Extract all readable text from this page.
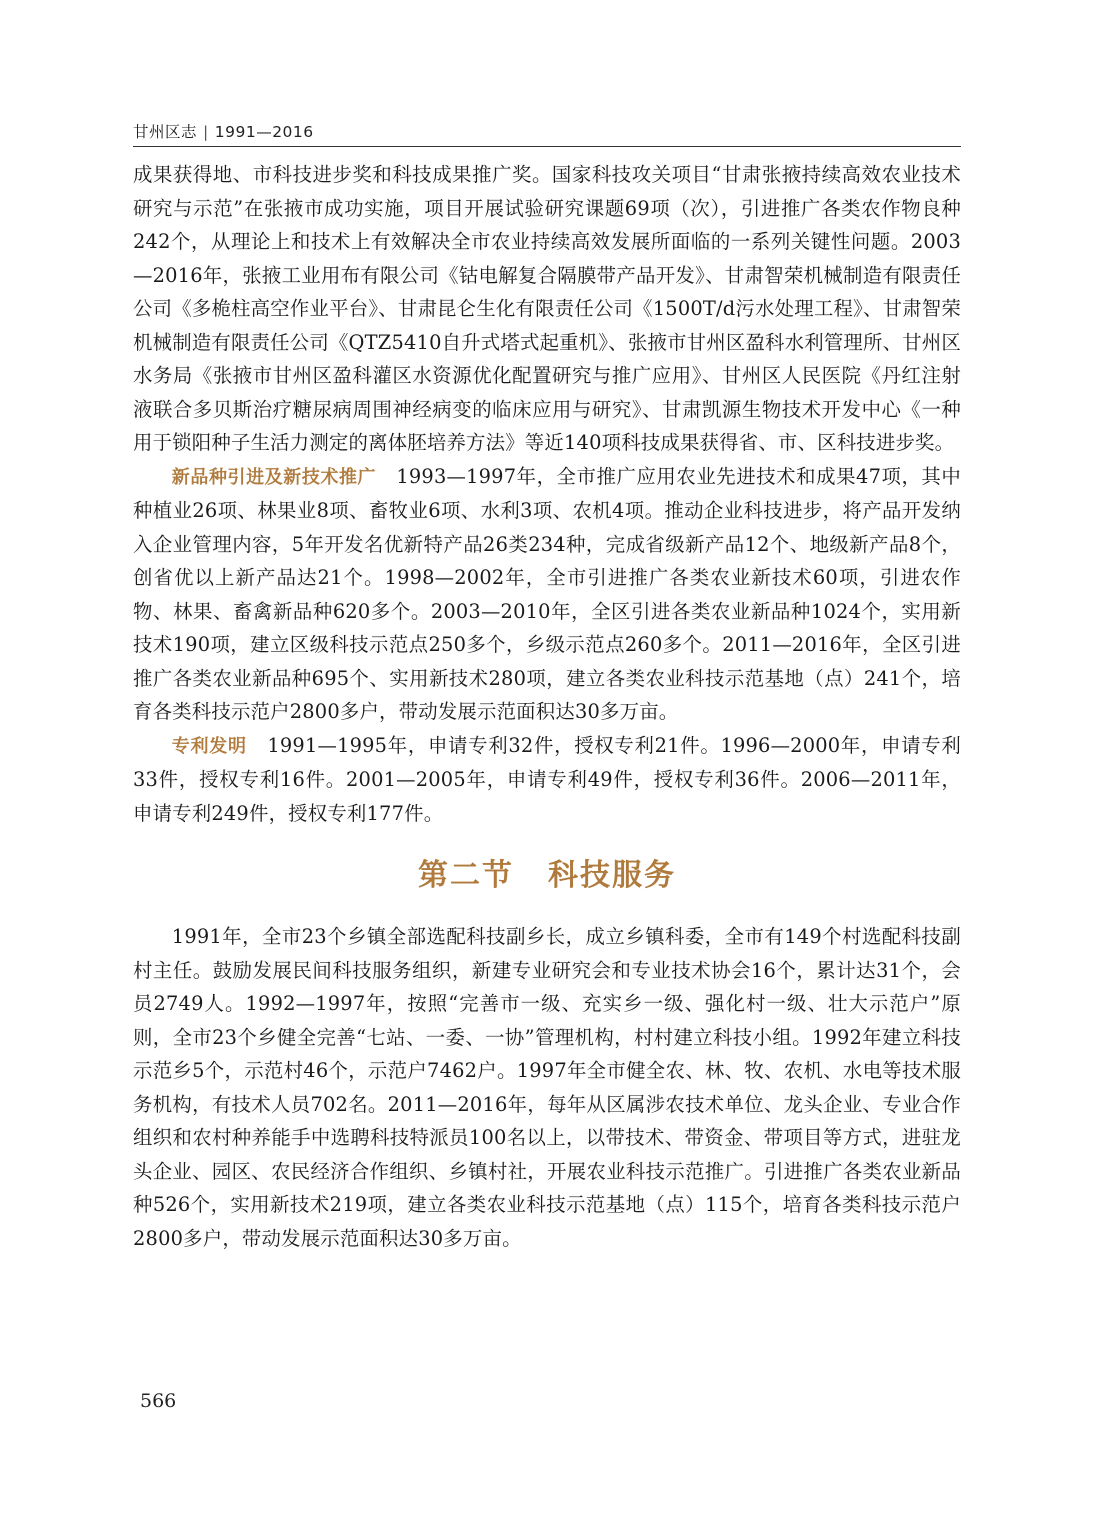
甘州区志 | 1991—2016

成果获得地、市科技进步奖和科技成果推广奖。国家科技攻关项目“甘肃张掖持续高效农业技术研究与示范”在张掖市成功实施，项目开展试验研究课题69项（次），引进推广各类农作物良种242个，从理论上和技术上有效解决全市农业持续高效发展所面临的一系列关键性问题。2003—2016年，张掖工业用布有限公司《钴电解复合隔膜带产品开发》、甘肃智荣机械制造有限责任公司《多桅柱高空作业平台》、甘肃昆仑生化有限责任公司《1500T/d污水处理工程》、甘肃智荣机械制造有限责任公司《QTZ5410自升式塔式起重机》、张掖市甘州区盈科水利管理所、甘州区水务局《张掖市甘州区盈科灌区水资源优化配置研究与推广应用》、甘州区人民医院《丹红注射液联合多贝斯治疗糖尿病周围神经病变的临床应用与研究》、甘肃凯源生物技术开发中心《一种用于锁阳种子生活力测定的离体胚培养方法》等近140项科技成果获得省、市、区科技进步奖。

新品种引进及新技术推广 1993—1997年，全市推广应用农业先进技术和成果47项，其中种植业26项、林果业8项、畜牧业6项、水利3项、农机4项。推动企业科技进步，将产品开发纳入企业管理内容，5年开发名优新特产品26类234种，完成省级新产品12个、地级新产品8个，创省优以上新产品达21个。1998—2002年，全市引进推广各类农业新技术60项，引进农作物、林果、畜禽新品种620多个。2003—2010年，全区引进各类农业新品种1024个，实用新技术190项，建立区级科技示范点250多个，乡级示范点260多个。2011—2016年，全区引进推广各类农业新品种695个、实用新技术280项，建立各类农业科技示范基地（点）241个，培育各类科技示范户2800多户，带动发展示范面积达30多万亩。

专利发明 1991—1995年，申请专利32件，授权专利21件。1996—2000年，申请专利33件，授权专利16件。2001—2005年，申请专利49件，授权专利36件。2006—2011年，申请专利249件，授权专利177件。

第二节 科技服务

1991年，全市23个乡镇全部选配科技副乡长，成立乡镇科委，全市有149个村选配科技副村主任。鼓励发展民间科技服务组织，新建专业研究会和专业技术协会16个，累计达31个，会员2749人。1992—1997年，按照“完善市一级、充实乡一级、强化村一级、壮大示范户”原则，全市23个乡健全完善“七站、一委、一协”管理机构，村村建立科技小组。1992年建立科技示范乡5个，示范村46个，示范户7462户。1997年全市健全农、林、牧、农机、水电等技术服务机构，有技术人员702名。2011—2016年，每年从区属涉农技术单位、龙头企业、专业合作组织和农村种养能手中选聘科技特派员100名以上，以带技术、带资金、带项目等方式，进驻龙头企业、园区、农民经济合作组织、乡镇村社，开展农业科技示范推广。引进推广各类农业新品种526个，实用新技术219项，建立各类农业科技示范基地（点）115个，培育各类科技示范户2800多户，带动发展示范面积达30多万亩。

566
